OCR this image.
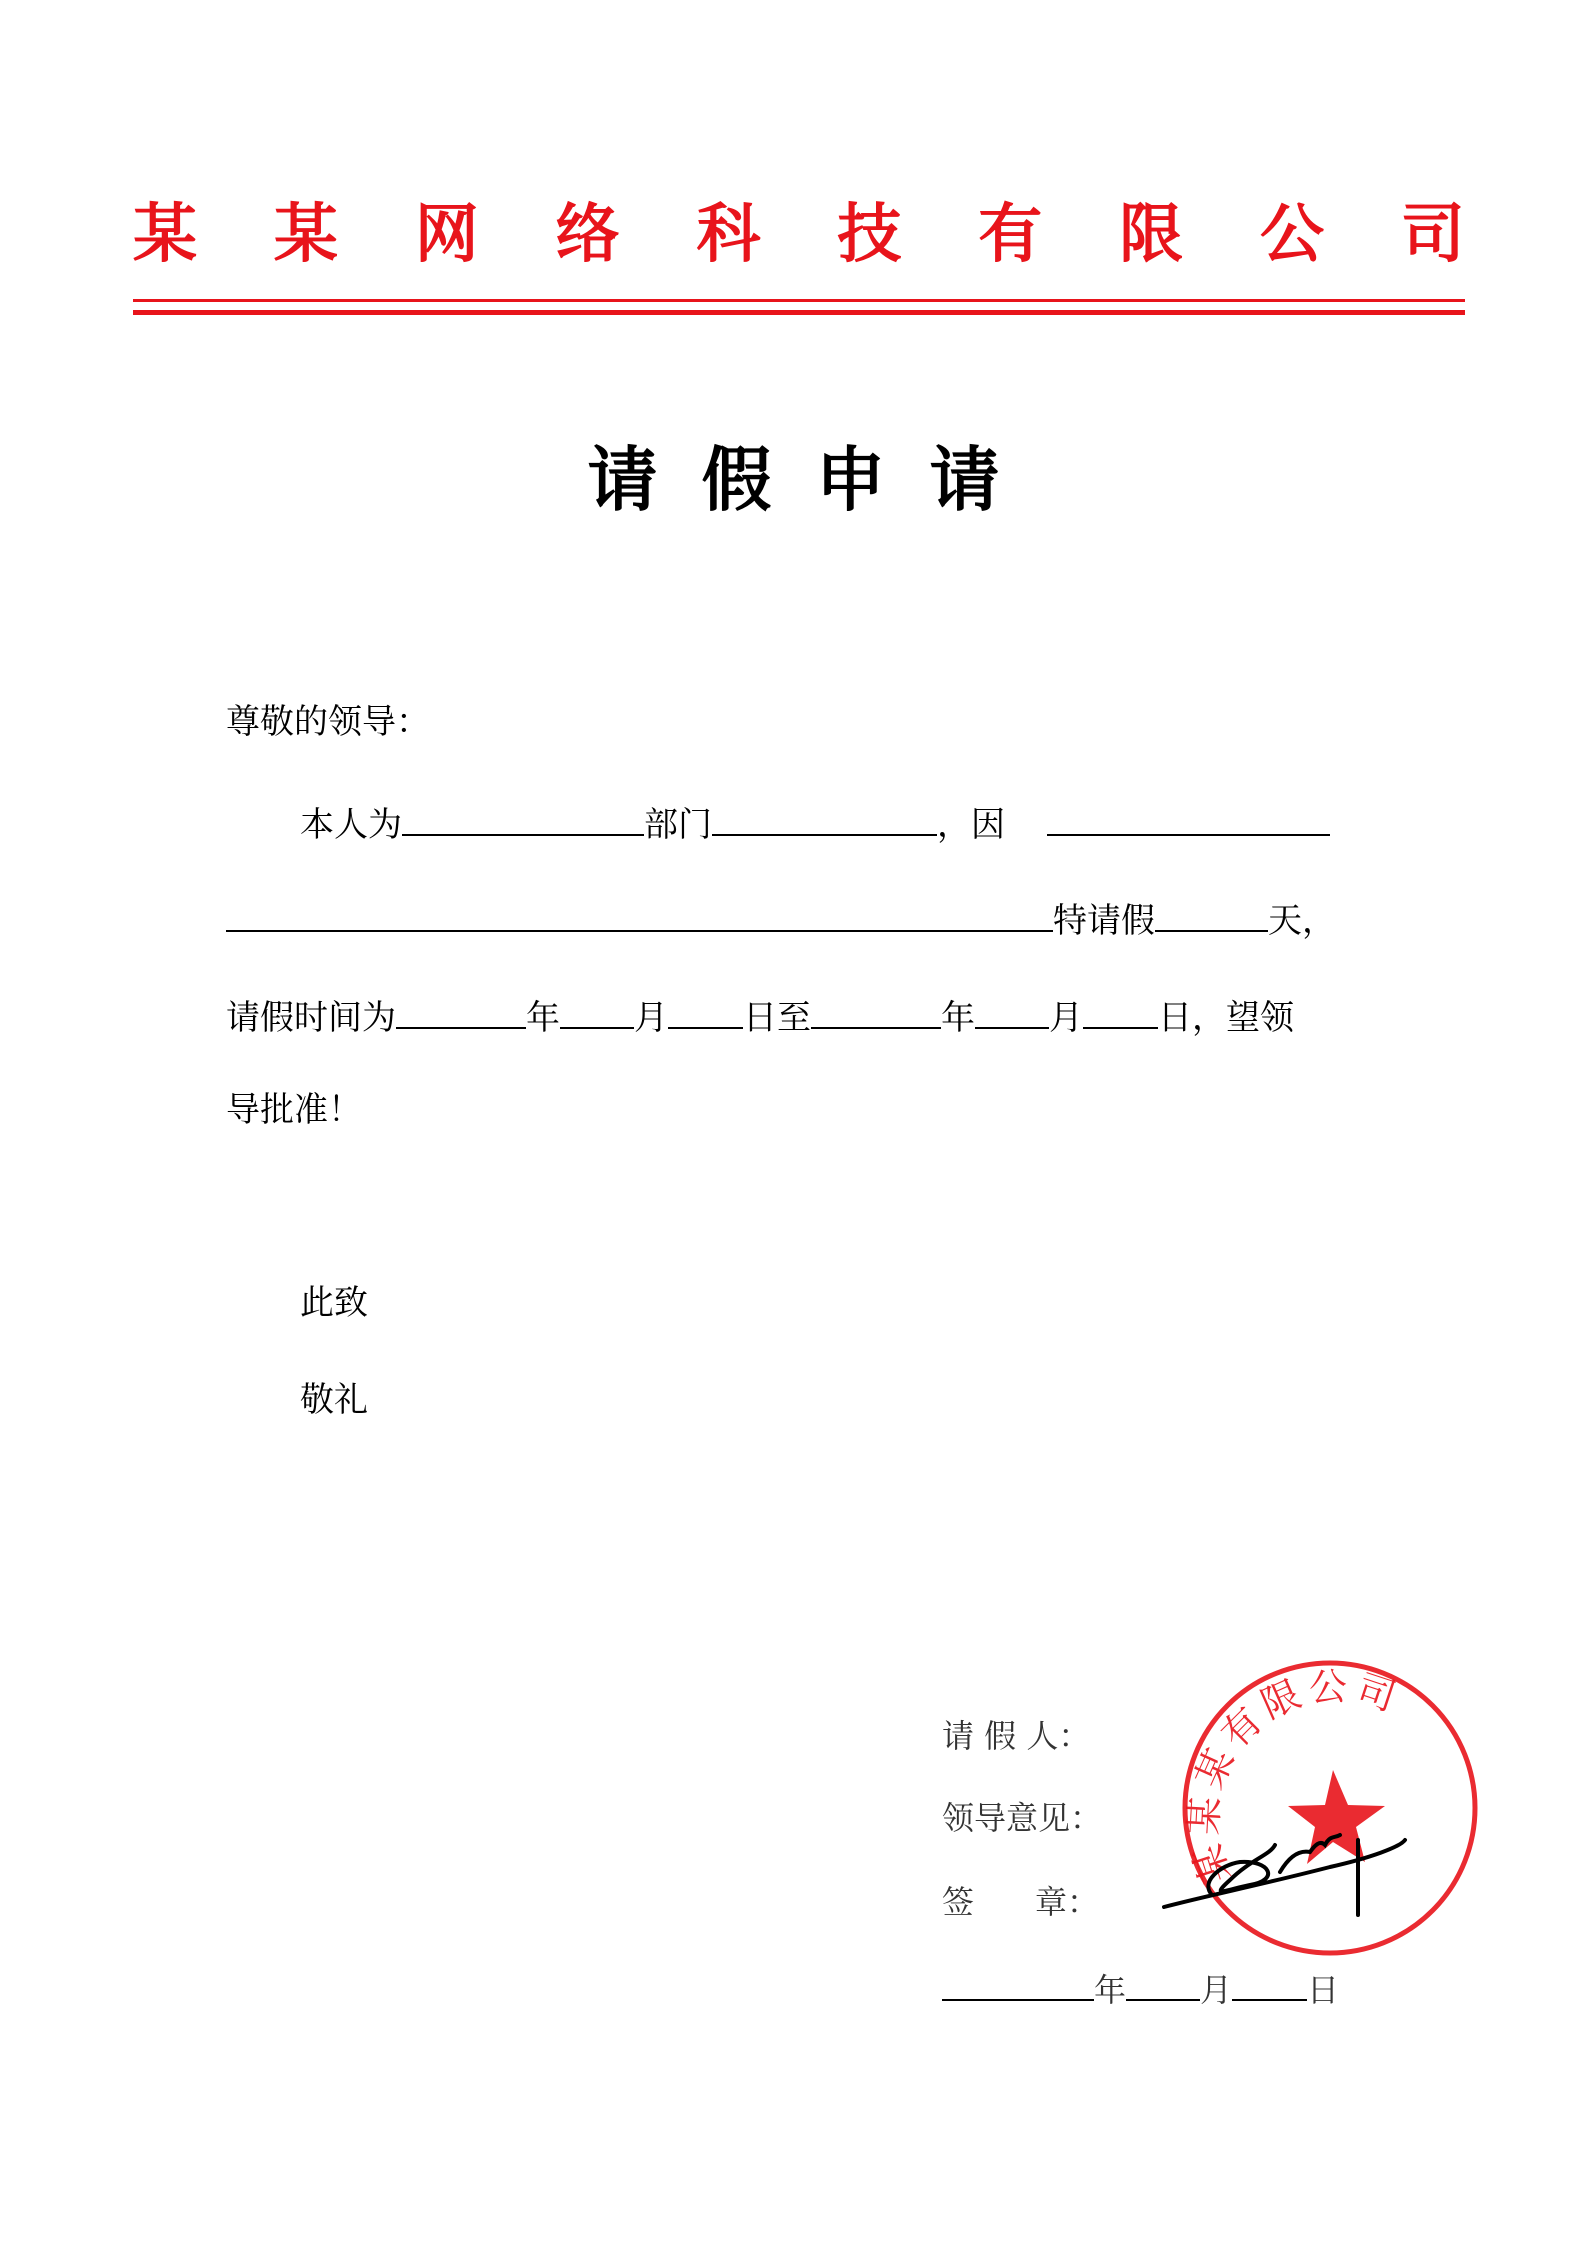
某 某 网 络 科 技 有 限 公 司
请假申请
尊敬的领导：
本人为	部门	，因
特请假	天，
请假时间为	年 月 日至	年 月 日，望领
导批准！
此致
敬礼
请 假 人：
领导意见：
签      章：
年 月 日
某某某有限公司
